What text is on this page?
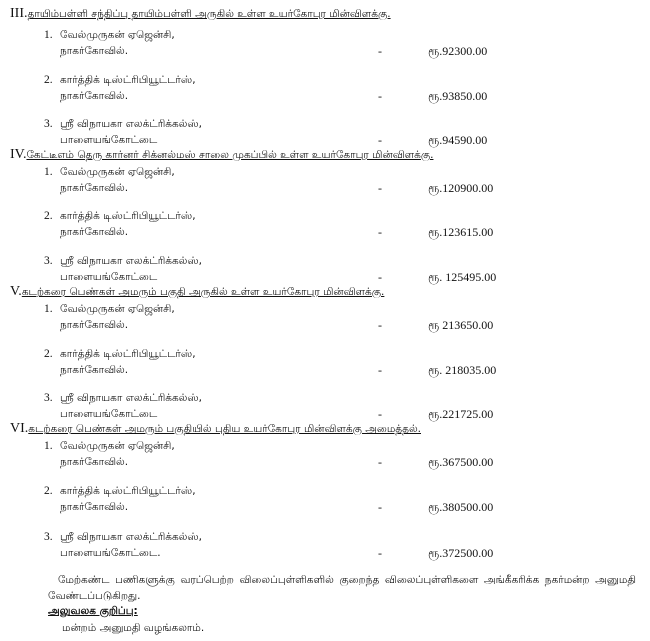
III.தாயிம்பள்ளி சந்திப்பு தாயிம்பள்ளி அருகில் உள்ள உயர்கோபுர மின்விளக்கு.
1. வேல்முருகன் ஏஜென்சி,
நாகர்கோவில்.	-	ரூ.92300.00
2. கார்த்திக் டிஸ்ட்ரிபியூட்டர்ஸ்,
நாகர்கோவில்.	-	ரூ.93850.00
3. ஸ்ரீ விநாயகா எலக்ட்ரிக்கல்ஸ்,
பாளையங்கோட்டை	-	ரூ.94590.00
IV.கேட்டீஎம் தெரு கார்னர் சிக்னல்மஸ் சாலை முகப்பில் உள்ள உயர்கோபுர மின்விளக்கு.
1. வேல்முருகன் ஏஜென்சி,
நாகர்கோவில்.	-	ரூ.120900.00
2. கார்த்திக் டிஸ்ட்ரிபியூட்டர்ஸ்,
நாகர்கோவில்.	-	ரூ.123615.00
3. ஸ்ரீ விநாயகா எலக்ட்ரிக்கல்ஸ்,
பாளையங்கோட்டை	-	ரூ. 125495.00
V.கடற்கரை பெண்கள் அமரும் பகுதி அருகில் உள்ள உயர்கோபுர மின்விளக்கு.
1. வேல்முருகன் ஏஜென்சி,
நாகர்கோவில்.	-	ரூ 213650.00
2. கார்த்திக் டிஸ்ட்ரிபியூட்டர்ஸ்,
நாகர்கோவில்.	-	ரூ. 218035.00
3. ஸ்ரீ விநாயகா எலக்ட்ரிக்கல்ஸ்,
பாளையங்கோட்டை	-	ரூ.221725.00
VI.கடற்கரை பெண்கள் அமரும் பகுதியில் புதிய உயர்கோபுர மின்விளக்கு அமைத்தல்.
1. வேல்முருகன் ஏஜென்சி,
நாகர்கோவில்.	-	ரூ.367500.00
2. கார்த்திக் டிஸ்ட்ரிபியூட்டர்ஸ்,
நாகர்கோவில்.	-	ரூ.380500.00
3. ஸ்ரீ விநாயகா எலக்ட்ரிக்கல்ஸ்,
பாளையங்கோட்டை.	-	ரூ.372500.00
மேற்கண்ட பணிகளுக்கு வரப்பெற்ற விலைப்புள்ளிகளில் குறைந்த விலைப்புள்ளிகளை அங்கீகரிக்க நகர்மன்ற அனுமதி வேண்டப்படுகிறது.
அலுவலக குறிப்பு:
மன்றம் அனுமதி வழங்கலாம்.
